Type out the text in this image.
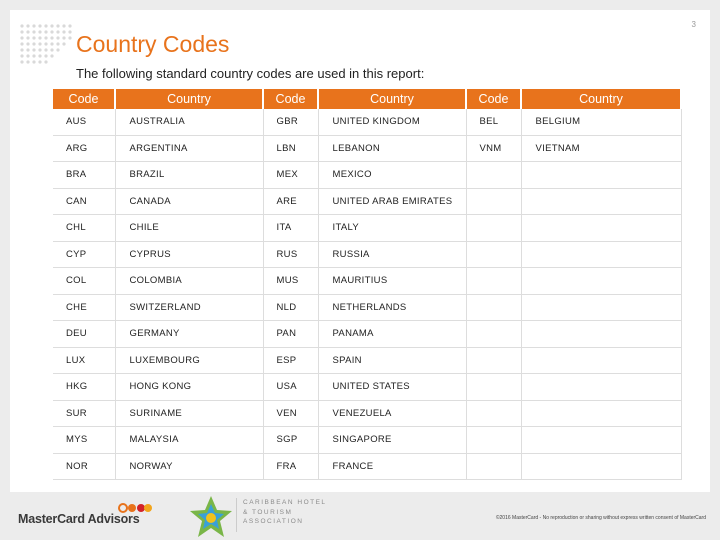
3
Country Codes
The following standard country codes are used in this report:
Code	Country	Code	Country	Code	Country
AUS	AUSTRALIA	GBR	UNITED KINGDOM	BEL	BELGIUM
ARG	ARGENTINA	LBN	LEBANON	VNM	VIETNAM
BRA	BRAZIL	MEX	MEXICO		
CAN	CANADA	ARE	UNITED ARAB EMIRATES		
CHL	CHILE	ITA	ITALY		
CYP	CYPRUS	RUS	RUSSIA		
COL	COLOMBIA	MUS	MAURITIUS		
CHE	SWITZERLAND	NLD	NETHERLANDS		
DEU	GERMANY	PAN	PANAMA		
LUX	LUXEMBOURG	ESP	SPAIN		
HKG	HONG KONG	USA	UNITED STATES		
SUR	SURINAME	VEN	VENEZUELA		
MYS	MALAYSIA	SGP	SINGAPORE		
NOR	NORWAY	FRA	FRANCE		
MasterCard Advisors
CARIBBEAN HOTEL & TOURISM ASSOCIATION	©2016 MasterCard - No reproduction or sharing without express written consent of MasterCard
